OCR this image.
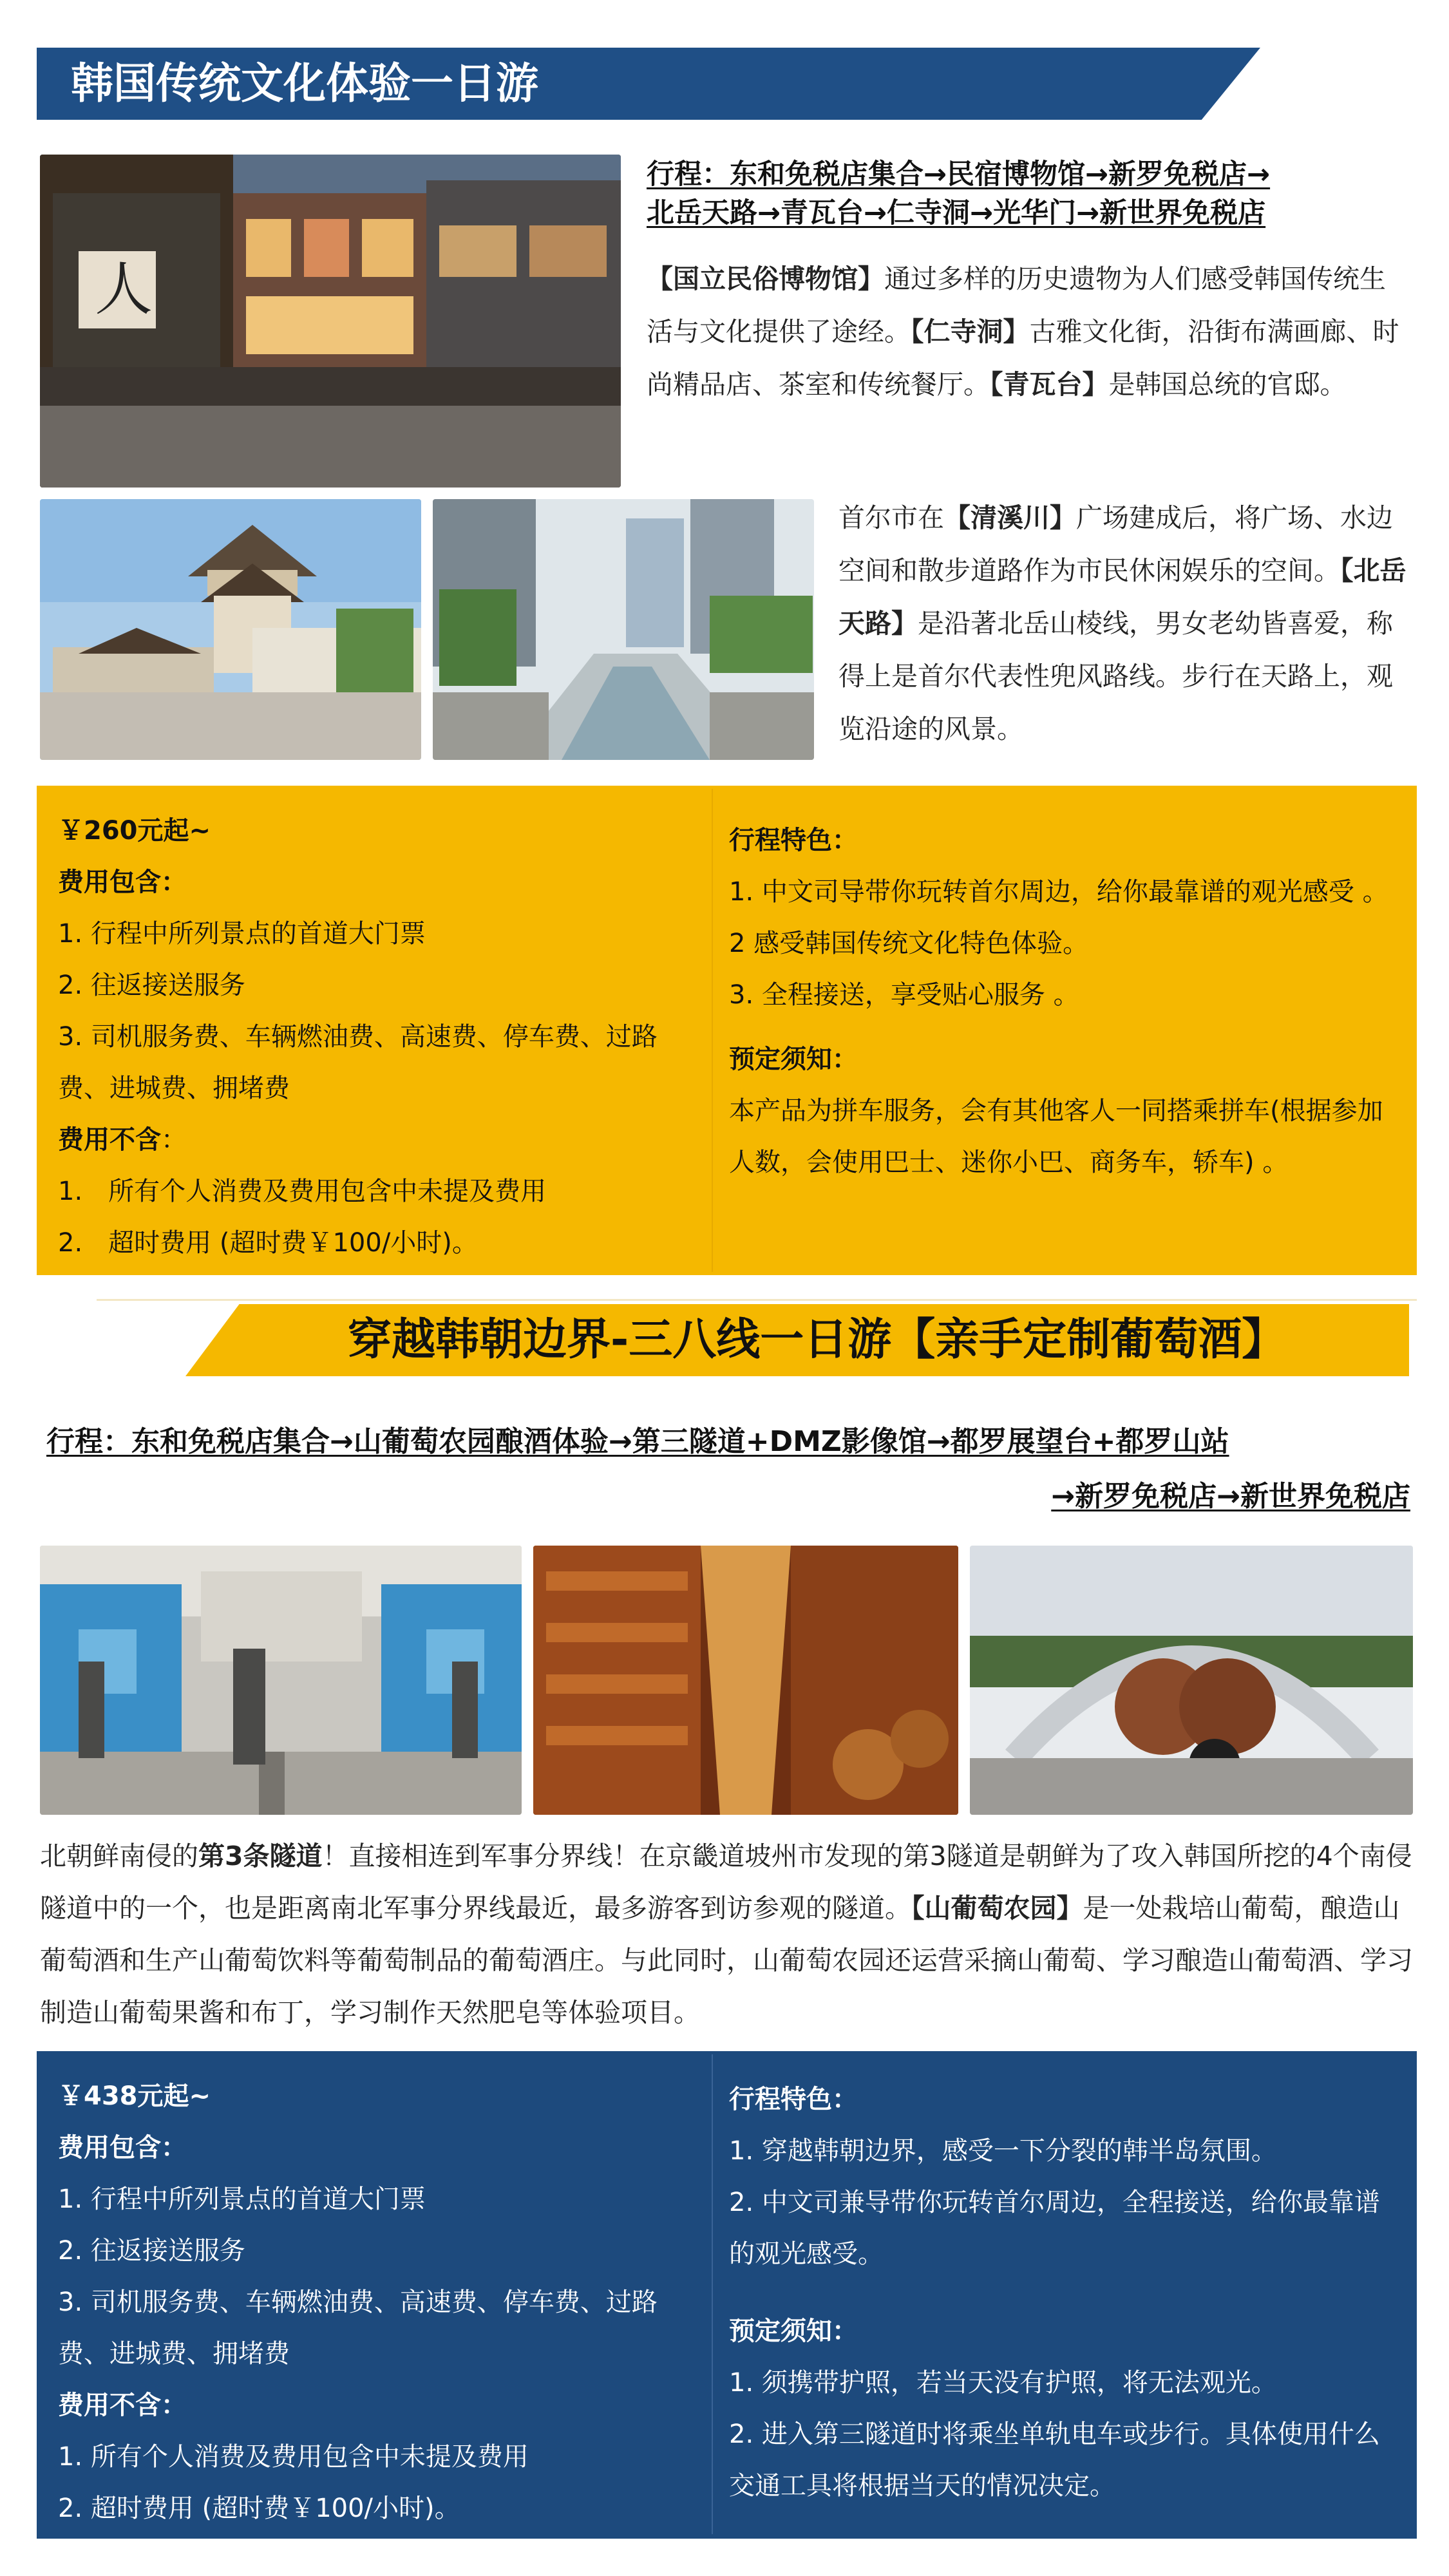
韩国传统文化体验一日游
人
行程：东和免税店集合→民宿博物馆→新罗免税店→
北岳天路→青瓦台→仁寺洞→光华门→新世界免税店
【国立民俗博物馆】通过多样的历史遗物为人们感受韩国传统生活与文化提供了途经。【仁寺洞】古雅文化街，沿街布满画廊、时尚精品店、茶室和传统餐厅。【青瓦台】是韩国总统的官邸。
首尔市在【清溪川】广场建成后，将广场、水边空间和散步道路作为市民休闲娱乐的空间。【北岳天路】是沿著北岳山棱线，男女老幼皆喜爱，称得上是首尔代表性兜风路线。步行在天路上，观览沿途的风景。
￥260元起~
费用包含：
1. 行程中所列景点的首道大门票
2. 往返接送服务
3. 司机服务费、车辆燃油费、高速费、停车费、过路费、进城费、拥堵费
费用不含：
1.　所有个人消费及费用包含中未提及费用
2.　超时费用 (超时费￥100/小时)。
行程特色：
1. 中文司导带你玩转首尔周边，给你最靠谱的观光感受 。
2 感受韩国传统文化特色体验。
3. 全程接送，享受贴心服务 。
预定须知：
本产品为拼车服务，会有其他客人一同搭乘拼车(根据参加人数，会使用巴士、迷你小巴、商务车，轿车) 。
穿越韩朝边界-三八线一日游【亲手定制葡萄酒】
行程：东和免税店集合→山葡萄农园酿酒体验→第三隧道+DMZ影像馆→都罗展望台+都罗山站
→新罗免税店→新世界免税店
北朝鲜南侵的第3条隧道！直接相连到军事分界线！在京畿道坡州市发现的第3隧道是朝鲜为了攻入韩国所挖的4个南侵隧道中的一个，也是距离南北军事分界线最近，最多游客到访参观的隧道。【山葡萄农园】是一处栽培山葡萄，酿造山葡萄酒和生产山葡萄饮料等葡萄制品的葡萄酒庄。与此同时，山葡萄农园还运营采摘山葡萄、学习酿造山葡萄酒、学习制造山葡萄果酱和布丁，学习制作天然肥皂等体验项目。
￥438元起~
费用包含：
1. 行程中所列景点的首道大门票
2. 往返接送服务
3. 司机服务费、车辆燃油费、高速费、停车费、过路费、进城费、拥堵费
费用不含：
1. 所有个人消费及费用包含中未提及费用
2. 超时费用 (超时费￥100/小时)。
行程特色：
1. 穿越韩朝边界，感受一下分裂的韩半岛氛围。
2. 中文司兼导带你玩转首尔周边，全程接送，给你最靠谱的观光感受。
预定须知：
1. 须携带护照，若当天没有护照，将无法观光。
2. 进入第三隧道时将乘坐单轨电车或步行。具体使用什么交通工具将根据当天的情况决定。
